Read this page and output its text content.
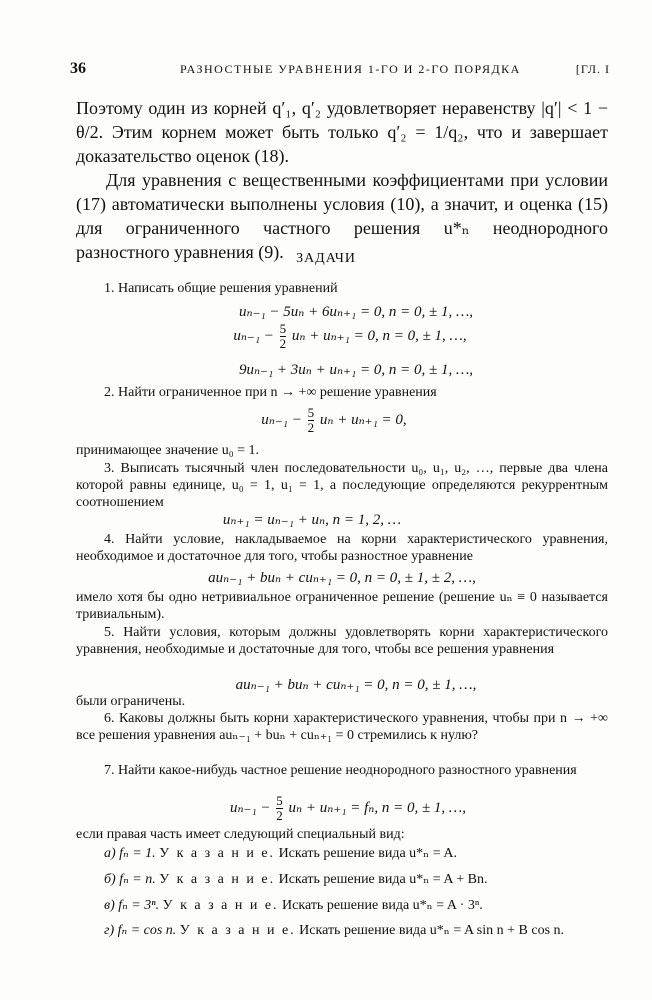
36	РАЗНОСТНЫЕ УРАВНЕНИЯ 1-ГО И 2-ГО ПОРЯДКА	[ГЛ. I
Поэтому один из корней q′₁, q′₂ удовлетворяет неравенству |q′| < 1 − θ/2. Этим корнем может быть только q′₂ = 1/q₂, что и завершает доказательство оценок (18).
Для уравнения с вещественными коэффициентами при условии (17) автоматически выполнены условия (10), а значит, и оценка (15) для ограниченного частного решения u*ₙ неоднородного разностного уравнения (9). ЗАДАЧИ
1. Написать общие решения уравнений
uₙ₋₁ − 5uₙ + 6uₙ₊₁ = 0, n = 0, ± 1, …,
$u_{n-1} - \frac{5}{2}$ uₙ + uₙ₊₁ = 0, n = 0, ± 1, …,
9uₙ₋₁ + 3uₙ + uₙ₊₁ = 0, n = 0, ± 1, …,
2. Найти ограниченное при n → +∞ решение уравнения
$u_{n-1} - \frac{5}{2}$ uₙ + uₙ₊₁ = 0,
принимающее значение u₀ = 1.
3. Выписать тысячный член последовательности u₀, u₁, u₂, …, первые два члена которой равны единице, u₀ = 1, u₁ = 1, а последующие определяются рекуррентным соотношением
uₙ₊₁ = uₙ₋₁ + uₙ, n = 1, 2, …
4. Найти условие, накладываемое на корни характеристического уравнения, необходимое и достаточное для того, чтобы разностное уравнение
auₙ₋₁ + buₙ + cuₙ₊₁ = 0, n = 0, ± 1, ± 2, …,
имело хотя бы одно нетривиальное ограниченное решение (решение uₙ ≡ 0 называется тривиальным).
5. Найти условия, которым должны удовлетворять корни характеристического уравнения, необходимые и достаточные для того, чтобы все решения уравнения
auₙ₋₁ + buₙ + cuₙ₊₁ = 0, n = 0, ± 1, …,
были ограничены.
6. Каковы должны быть корни характеристического уравнения, чтобы при n → +∞ все решения уравнения auₙ₋₁ + buₙ + cuₙ₊₁ = 0 стремились к нулю?
7. Найти какое-нибудь частное решение неоднородного разностного уравнения
$u_{n-1} - \frac{5}{2}$ uₙ + uₙ₊₁ = fₙ, n = 0, ± 1, …,
если правая часть имеет следующий специальный вид:
а) fₙ = 1. У к а з а н и е. Искать решение вида u*ₙ = A.
б) fₙ = n. У к а з а н и е. Искать решение вида u*ₙ = A + Bn.
в) fₙ = 3ⁿ. У к а з а н и е. Искать решение вида u*ₙ = A · 3ⁿ.
г) fₙ = cos n. У к а з а н и е. Искать решение вида u*ₙ = A sin n + B cos n.
